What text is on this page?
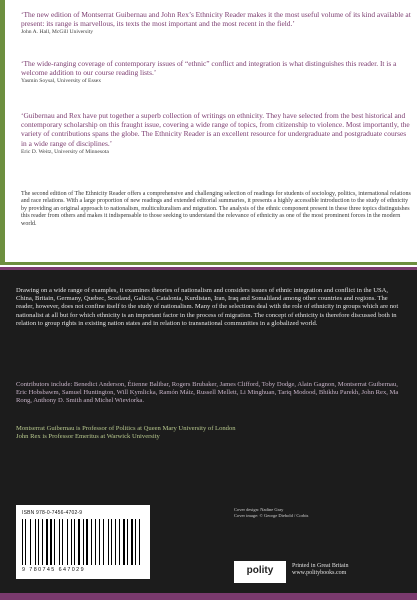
‘The new edition of Montserrat Guibernau and John Rex’s Ethnicity Reader makes it the most useful volume of its kind available at present: its range is marvellous, its texts the most important and the most recent in the field.’
John A. Hall, McGill University
‘The wide-ranging coverage of contemporary issues of “ethnic” conflict and integration is what distinguishes this reader. It is a welcome addition to our course reading lists.’
Yasmin Soysal, University of Essex
‘Guibernau and Rex have put together a superb collection of writings on ethnicity. They have selected from the best historical and contemporary scholarship on this fraught issue, covering a wide range of topics, from citizenship to violence. Most importantly, the variety of contributions spans the globe. The Ethnicity Reader is an excellent resource for undergraduate and postgraduate courses in a wide range of disciplines.’
Eric D. Weitz, University of Minnesota
The second edition of The Ethnicity Reader offers a comprehensive and challenging selection of readings for students of sociology, politics, international relations and race relations. With a large proportion of new readings and extended editorial summaries, it presents a highly accessible introduction to the study of ethnicity by providing an original approach to nationalism, multiculturalism and migration. The analysis of the ethnic component present in these three topics distinguishes this reader from others and makes it indispensable to those seeking to understand the relevance of ethnicity as one of the most prominent forces in the modern world.
Drawing on a wide range of examples, it examines theories of nationalism and considers issues of ethnic integration and conflict in the USA, China, Britain, Germany, Quebec, Scotland, Galicia, Catalonia, Kurdistan, Iran, Iraq and Somaliland among other countries and regions. The reader, however, does not confine itself to the study of nationalism. Many of the selections deal with the role of ethnicity in groups which are not nationalist at all but for which ethnicity is an important factor in the process of migration. The concept of ethnicity is therefore discussed both in relation to group rights in existing nation states and in relation to transnational communities in a globalized world.
Contributors include: Benedict Anderson, Étienne Balibar, Rogers Brubaker, James Clifford, Toby Dodge, Alain Gagnon, Montserrat Guibernau, Eric Hobsbawm, Samuel Huntington, Will Kymlicka, Ramón Máiz, Russell Mellett, Li Minghuan, Tariq Modood, Bhikhu Parekh, John Rex, Ma Rong, Anthony D. Smith and Michel Wieviorka.
Montserrat Guibernau is Professor of Politics at Queen Mary University of London
John Rex is Professor Emeritus at Warwick University
ISBN 978-0-7456-4702-9
9 780745 647029
Cover design: Nadine Gray
Cover image: © George Diebold / Corbis
polity	Printed in Great Britain
www.politybooks.com
